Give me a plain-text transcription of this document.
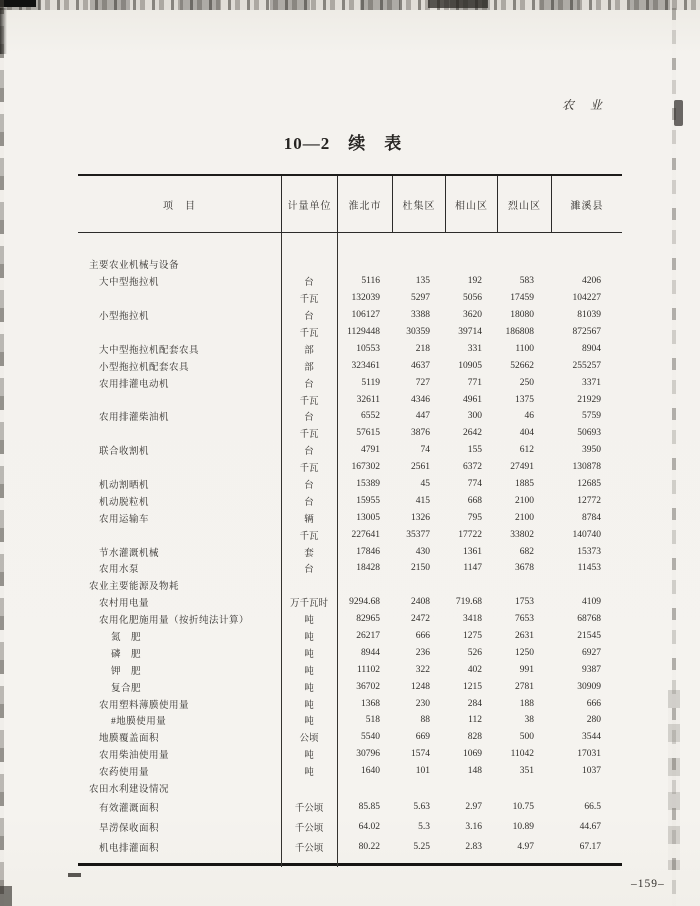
农　业
10—2　续　表
–159–
项　目	计量单位	淮北市	杜集区	相山区	烈山区	濉溪县
主要农业机械与设备
大中型拖拉机	台	5116	135	192	583	4206
千瓦	132039	5297	5056	17459	104227
小型拖拉机	台	106127	3388	3620	18080	81039
千瓦	1129448	30359	39714	186808	872567
大中型拖拉机配套农具	部	10553	218	331	1100	8904
小型拖拉机配套农具	部	323461	4637	10905	52662	255257
农用排灌电动机	台	5119	727	771	250	3371
千瓦	32611	4346	4961	1375	21929
农用排灌柴油机	台	6552	447	300	46	5759
千瓦	57615	3876	2642	404	50693
联合收割机	台	4791	74	155	612	3950
千瓦	167302	2561	6372	27491	130878
机动割晒机	台	15389	45	774	1885	12685
机动脱粒机	台	15955	415	668	2100	12772
农用运输车	辆	13005	1326	795	2100	8784
千瓦	227641	35377	17722	33802	140740
节水灌溉机械	套	17846	430	1361	682	15373
农用水泵	台	18428	2150	1147	3678	11453
农业主要能源及物耗
农村用电量	万千瓦时	9294.68	2408	719.68	1753	4109
农用化肥施用量（按折纯法计算）	吨	82965	2472	3418	7653	68768
氮　肥	吨	26217	666	1275	2631	21545
磷　肥	吨	8944	236	526	1250	6927
钾　肥	吨	11102	322	402	991	9387
复合肥	吨	36702	1248	1215	2781	30909
农用塑料薄膜使用量	吨	1368	230	284	188	666
#地膜使用量	吨	518	88	112	38	280
地膜覆盖面积	公顷	5540	669	828	500	3544
农用柴油使用量	吨	30796	1574	1069	11042	17031
农药使用量	吨	1640	101	148	351	1037
农田水利建设情况
有效灌溉面积	千公顷	85.85	5.63	2.97	10.75	66.5
旱涝保收面积	千公顷	64.02	5.3	3.16	10.89	44.67
机电排灌面积	千公顷	80.22	5.25	2.83	4.97	67.17
